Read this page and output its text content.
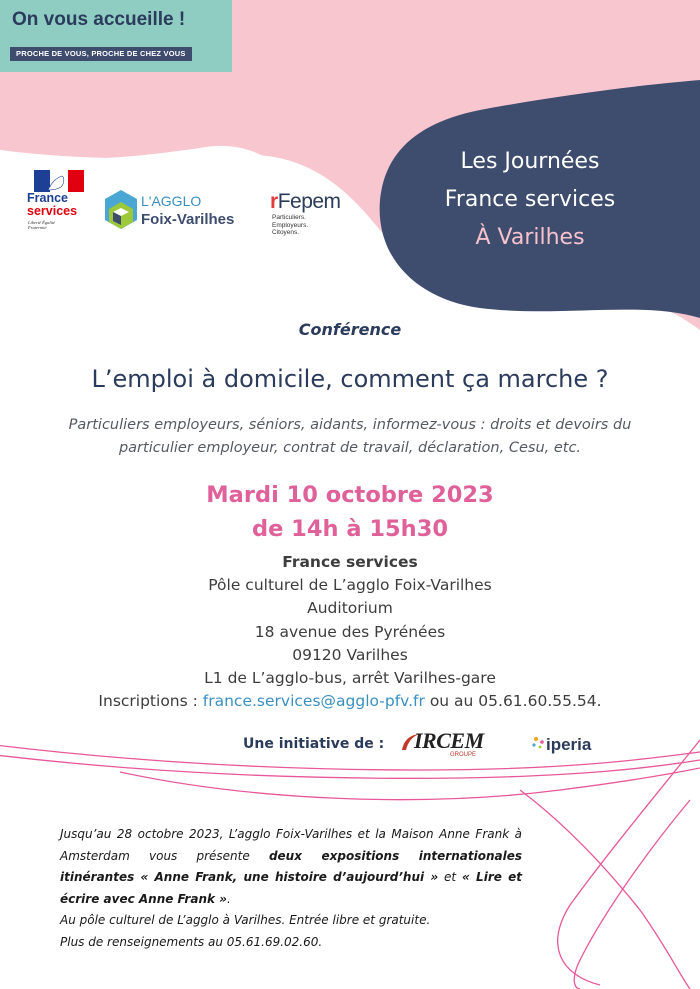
On vous accueille !
PROCHE DE VOUS, PROCHE DE CHEZ VOUS
France
services
Liberté Égalité Fraternité
L'AGGLO
Foix-Varilhes
rFepem
Particuliers. Employeurs. Citoyens.
Les Journées
France services
À Varilhes
Conférence
L’emploi à domicile, comment ça marche ?
Particuliers employeurs, séniors, aidants, informez-vous : droits et devoirs du particulier employeur, contrat de travail, déclaration, Cesu, etc.
Mardi 10 octobre 2023
de 14h à 15h30
France services
Pôle culturel de L’agglo Foix-Varilhes
Auditorium
18 avenue des Pyrénées
09120 Varilhes
L1 de L’agglo-bus, arrêt Varilhes-gare
Inscriptions : france.services@agglo-pfv.fr ou au 05.61.60.55.54.
Une initiative de : IRCEM
GROUPE
iperia

Jusqu’au 28 octobre 2023, L’agglo Foix-Varilhes et la Maison Anne Frank à Amsterdam vous présente deux expositions internationales itinérantes « Anne Frank, une histoire d’aujourd’hui » et « Lire et écrire avec Anne Frank ».

Au pôle culturel de L’agglo à Varilhes. Entrée libre et gratuite.

Plus de renseignements au 05.61.69.02.60.
